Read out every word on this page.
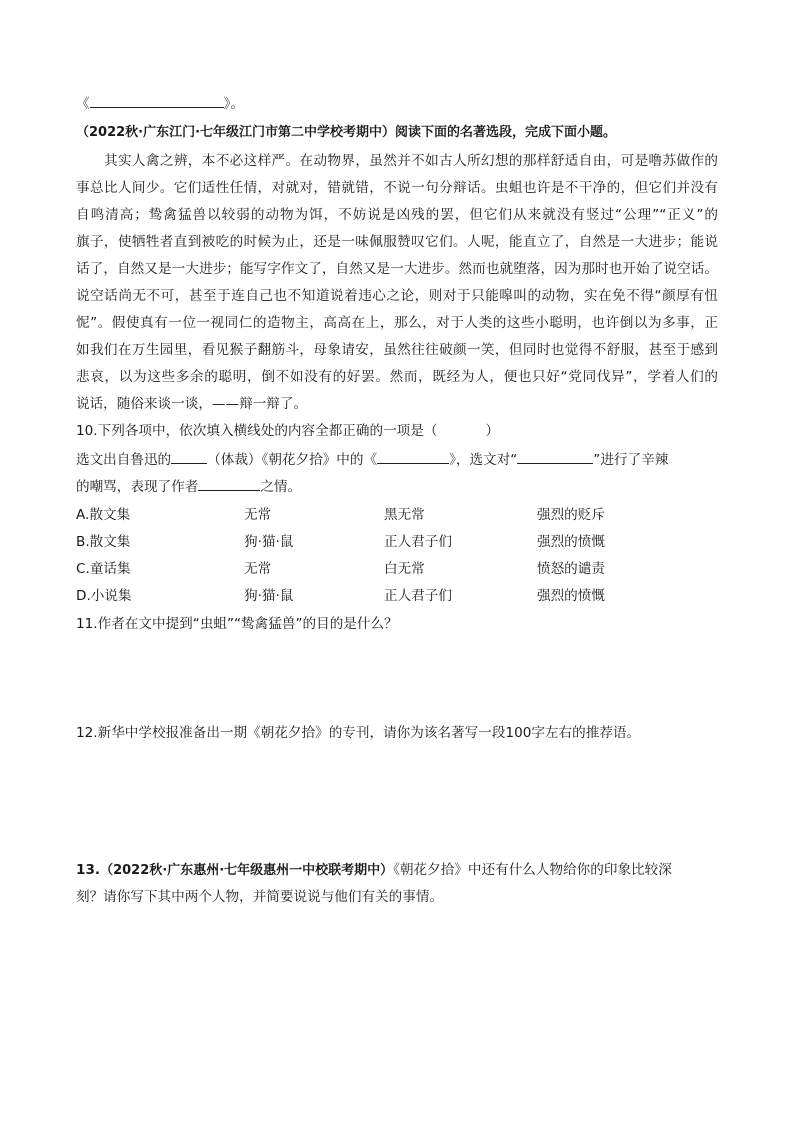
《	》。
（2022秋·广东江门·七年级江门市第二中学校考期中）阅读下面的名著选段，完成下面小题。
其实人禽之辨，本不必这样严。在动物界，虽然并不如古人所幻想的那样舒适自由，可是噜苏做作的
事总比人间少。它们适性任情，对就对，错就错，不说一句分辩话。虫蛆也许是不干净的，但它们并没有
自鸣清高；鸷禽猛兽以较弱的动物为饵，不妨说是凶残的罢，但它们从来就没有竖过“公理”“正义”的
旗子，使牺牲者直到被吃的时候为止，还是一味佩服赞叹它们。人呢，能直立了，自然是一大进步；能说
话了，自然又是一大进步；能写字作文了，自然又是一大进步。然而也就堕落，因为那时也开始了说空话。
说空话尚无不可，甚至于连自己也不知道说着违心之论，则对于只能嗥叫的动物，实在免不得“颜厚有忸
怩”。假使真有一位一视同仁的造物主，高高在上，那么，对于人类的这些小聪明，也许倒以为多事，正
如我们在万生园里，看见猴子翻筋斗，母象请安，虽然往往破颜一笑，但同时也觉得不舒服，甚至于感到
悲哀，以为这些多余的聪明，倒不如没有的好罢。然而，既经为人，便也只好“党同伐异”，学着人们的
说话，随俗来谈一谈，——辩一辩了。
10.下列各项中，依次填入横线处的内容全都正确的一项是（	）
选文出自鲁迅的	（体裁）《朝花夕拾》中的《	》，选文对“	”进行了辛辣
的嘲骂，表现了作者	之情。
A.散文集	无常	黑无常	强烈的贬斥
B.散文集	狗·猫·鼠	正人君子们	强烈的愤慨
C.童话集	无常	白无常	愤怒的谴责
D.小说集	狗·猫·鼠	正人君子们	强烈的愤慨
11.作者在文中提到“虫蛆”“鸷禽猛兽”的目的是什么？
12.新华中学校报准备出一期《朝花夕拾》的专刊，请你为该名著写一段100字左右的推荐语。
13.（2022秋·广东惠州·七年级惠州一中校联考期中）《朝花夕拾》中还有什么人物给你的印象比较深
刻？请你写下其中两个人物，并简要说说与他们有关的事情。
